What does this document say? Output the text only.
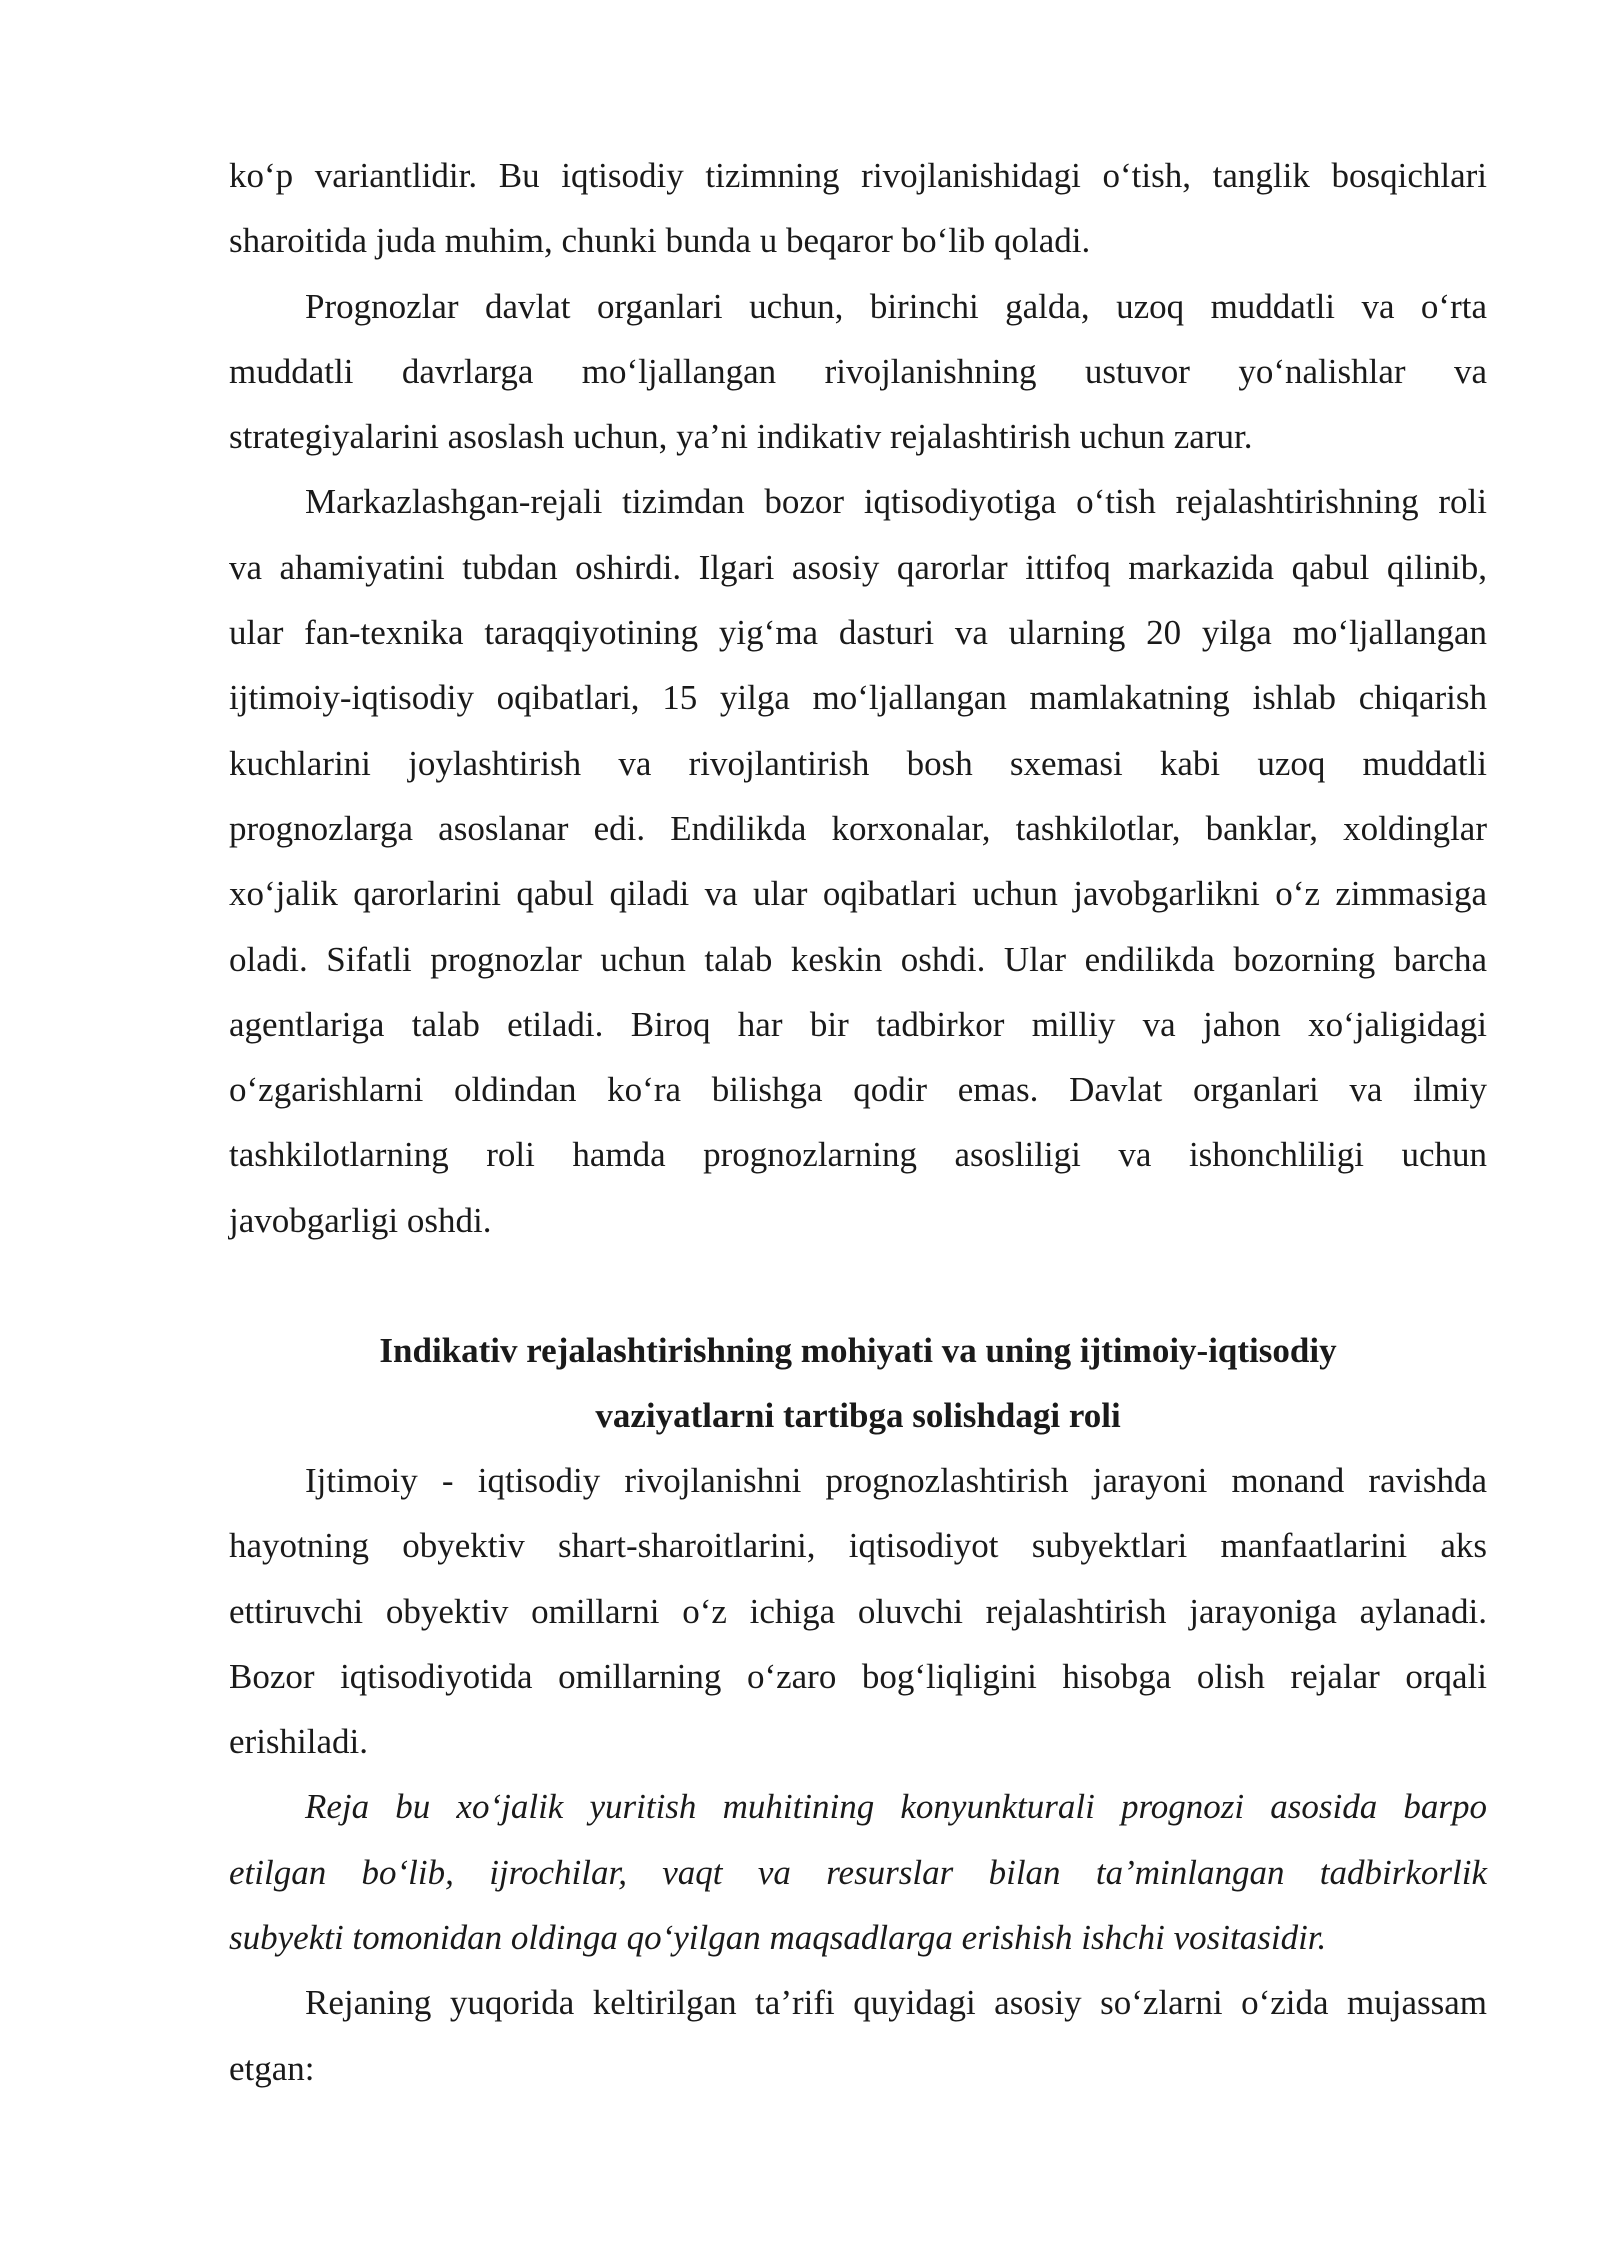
ko‘p variantlidir. Bu iqtisodiy tizimning rivojlanishidagi o‘tish, tanglik bosqichlari
sharoitida juda muhim, chunki bunda u beqaror bo‘lib qoladi.
Prognozlar davlat organlari uchun, birinchi galda, uzoq muddatli va o‘rta
muddatli davrlarga mo‘ljallangan rivojlanishning ustuvor yo‘nalishlar va
strategiyalarini asoslash uchun, ya’ni indikativ rejalashtirish uchun zarur.
Markazlashgan-rejali tizimdan bozor iqtisodiyotiga o‘tish rejalashtirishning roli
va ahamiyatini tubdan oshirdi. Ilgari asosiy qarorlar ittifoq markazida qabul qilinib,
ular fan-texnika taraqqiyotining yig‘ma dasturi va ularning 20 yilga mo‘ljallangan
ijtimoiy-iqtisodiy oqibatlari, 15 yilga mo‘ljallangan mamlakatning ishlab chiqarish
kuchlarini joylashtirish va rivojlantirish bosh sxemasi kabi uzoq muddatli
prognozlarga asoslanar edi. Endilikda korxonalar, tashkilotlar, banklar, xoldinglar
xo‘jalik qarorlarini qabul qiladi va ular oqibatlari uchun javobgarlikni o‘z zimmasiga
oladi. Sifatli prognozlar uchun talab keskin oshdi. Ular endilikda bozorning barcha
agentlariga talab etiladi. Biroq har bir tadbirkor milliy va jahon xo‘jaligidagi
o‘zgarishlarni oldindan ko‘ra bilishga qodir emas. Davlat organlari va ilmiy
tashkilotlarning roli hamda prognozlarning asosliligi va ishonchliligi uchun
javobgarligi oshdi.
Indikativ rejalashtirishning mohiyati va uning ijtimoiy-iqtisodiy
vaziyatlarni tartibga solishdagi roli
Ijtimoiy - iqtisodiy rivojlanishni prognozlashtirish jarayoni monand ravishda
hayotning obyektiv shart-sharoitlarini, iqtisodiyot subyektlari manfaatlarini aks
ettiruvchi obyektiv omillarni o‘z ichiga oluvchi rejalashtirish jarayoniga aylanadi.
Bozor iqtisodiyotida omillarning o‘zaro bog‘liqligini hisobga olish rejalar orqali
erishiladi.
Reja bu xo‘jalik yuritish muhitining konyunkturali prognozi asosida barpo
etilgan bo‘lib, ijrochilar, vaqt va resurslar bilan ta’minlangan tadbirkorlik
subyekti tomonidan oldinga qo‘yilgan maqsadlarga erishish ishchi vositasidir.
Rejaning yuqorida keltirilgan ta’rifi quyidagi asosiy so‘zlarni o‘zida mujassam
etgan:
